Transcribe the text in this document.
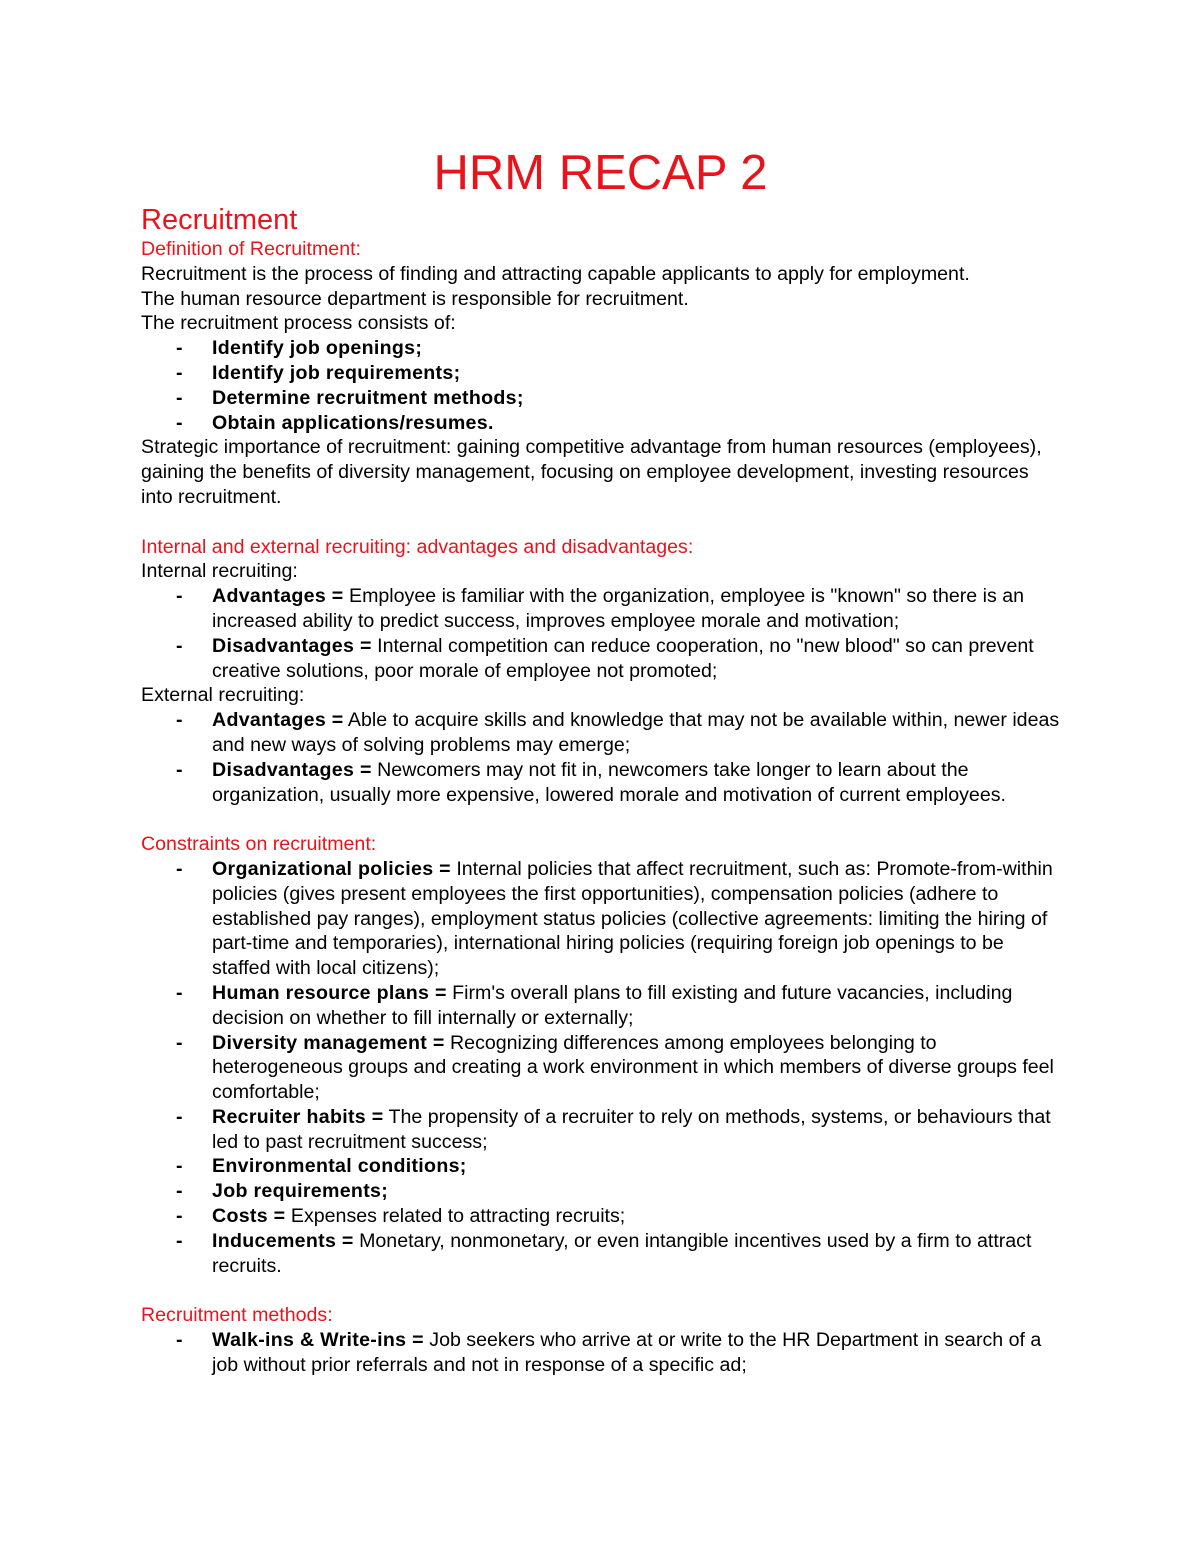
HRM RECAP 2
Recruitment

Definition of Recruitment:

Recruitment is the process of finding and attracting capable applicants to apply for employment.

The human resource department is responsible for recruitment.

The recruitment process consists of:

- Identify job openings;
- Identify job requirements;
- Determine recruitment methods;
- Obtain applications/resumes.

Strategic importance of recruitment: gaining competitive advantage from human resources (employees), gaining the benefits of diversity management, focusing on employee development, investing resources into recruitment.

Internal and external recruiting: advantages and disadvantages:

Internal recruiting:

- Advantages = Employee is familiar with the organization, employee is "known" so there is an increased ability to predict success, improves employee morale and motivation;
- Disadvantages = Internal competition can reduce cooperation, no "new blood" so can prevent creative solutions, poor morale of employee not promoted;

External recruiting:

- Advantages = Able to acquire skills and knowledge that may not be available within, newer ideas and new ways of solving problems may emerge;
- Disadvantages = Newcomers may not fit in, newcomers take longer to learn about the organization, usually more expensive, lowered morale and motivation of current employees.

Constraints on recruitment:

- Organizational policies = Internal policies that affect recruitment, such as: Promote-from-within policies (gives present employees the first opportunities), compensation policies (adhere to established pay ranges), employment status policies (collective agreements: limiting the hiring of part-time and temporaries), international hiring policies (requiring foreign job openings to be staffed with local citizens);
- Human resource plans = Firm's overall plans to fill existing and future vacancies, including decision on whether to fill internally or externally;
- Diversity management = Recognizing differences among employees belonging to heterogeneous groups and creating a work environment in which members of diverse groups feel comfortable;
- Recruiter habits = The propensity of a recruiter to rely on methods, systems, or behaviours that led to past recruitment success;
- Environmental conditions;
- Job requirements;
- Costs = Expenses related to attracting recruits;
- Inducements = Monetary, nonmonetary, or even intangible incentives used by a firm to attract recruits.

Recruitment methods:

- Walk-ins & Write-ins = Job seekers who arrive at or write to the HR Department in search of a job without prior referrals and not in response of a specific ad;
